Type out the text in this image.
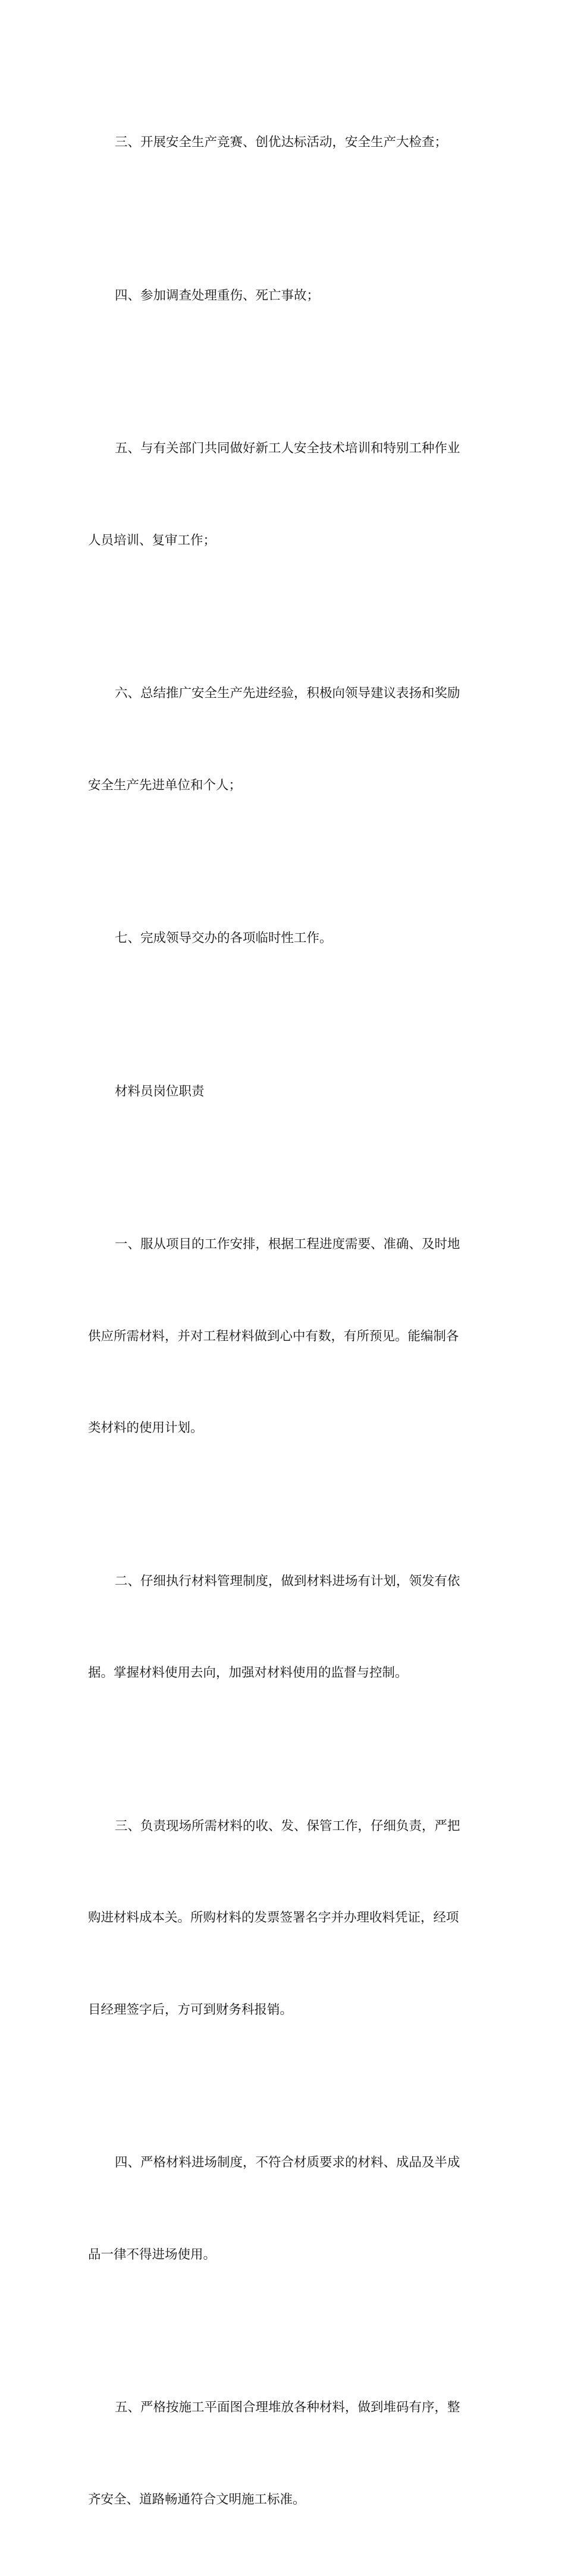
三、开展安全生产竞赛、创优达标活动，安全生产大检查；

四、参加调查处理重伤、死亡事故；

五、与有关部门共同做好新工人安全技术培训和特别工种作业

人员培训、复审工作；

六、总结推广安全生产先进经验，积极向领导建议表扬和奖励

安全生产先进单位和个人；

七、完成领导交办的各项临时性工作。

材料员岗位职责

一、服从项目的工作安排，根据工程进度需要、准确、及时地

供应所需材料，并对工程材料做到心中有数，有所预见。能编制各

类材料的使用计划。

二、仔细执行材料管理制度，做到材料进场有计划，领发有依

据。掌握材料使用去向，加强对材料使用的监督与控制。

三、负责现场所需材料的收、发、保管工作，仔细负责，严把

购进材料成本关。所购材料的发票签署名字并办理收料凭证，经项

目经理签字后，方可到财务科报销。

四、严格材料进场制度，不符合材质要求的材料、成品及半成

品一律不得进场使用。

五、严格按施工平面图合理堆放各种材料，做到堆码有序，整

齐安全、道路畅通符合文明施工标准。
